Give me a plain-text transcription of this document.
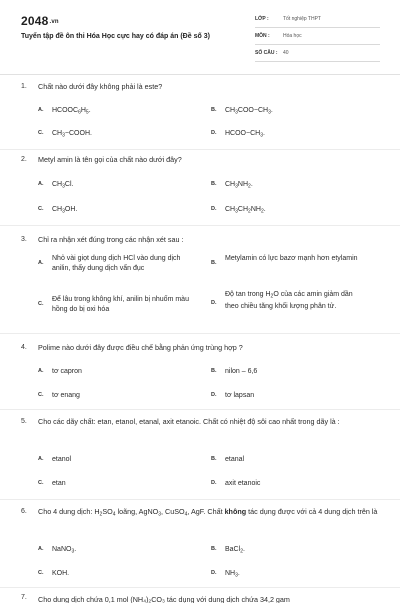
2048.vn
Tuyển tập đề ôn thi Hóa Học cực hay có đáp án (Đề số 3)
LỚP :	Tốt nghiệp THPT
MÔN :	Hóa học
SỐ CÂU : 40
1. Chất nào dưới đây không phải là este?
A. $HCOOC_6H_5$.	B. $CH_3COO-CH_3$.
C. $CH_3-COOH$.	D. $HCOO-CH_3$.
2. Metyl amin là tên gọi của chất nào dưới đây?
A. $CH_3Cl$.	B. $CH_3NH_2$.
C. $CH_3OH$.	D. $CH_3CH_2NH_2$.
3. Chỉ ra nhận xét đúng trong các nhận xét sau :
A.
Nhỏ vài giọt dung dịch HCl vào dung dịch anilin, thấy dung dịch vẩn đục
B.
Metylamin có lực bazơ mạnh hơn etylamin
C.
Để lâu trong không khí, anilin bị nhuốm màu hồng do bị oxi hóa
D.
Độ tan trong $H_2O$ của các amin giảm dần theo chiều tăng khối lượng phân tử.
4. Polime nào dưới đây được điều chế bằng phản ứng trùng hợp ?
A. tơ capron	B. nilon – 6,6
C. tơ enang	D. tơ lapsan
5. Cho các dãy chất: etan, etanol, etanal, axit etanoic. Chất có nhiệt độ sôi cao nhất trong dãy là :
A. etanol	B. etanal
C. etan	D. axit etanoic
6. Cho 4 dung dịch: $H_2SO_4$ loãng, AgNO$_3$, CuSO$_4$, AgF. Chất không tác dụng được với cả 4 dung dịch trên là
A. NaNO$_3$.	B. BaCl$_2$.
C. KOH.	D. $NH_3$.
7. Cho dung dịch chứa 0,1 mol (NH₄)₂CO₃ tác dụng với dung dịch chứa 34,2 gam
